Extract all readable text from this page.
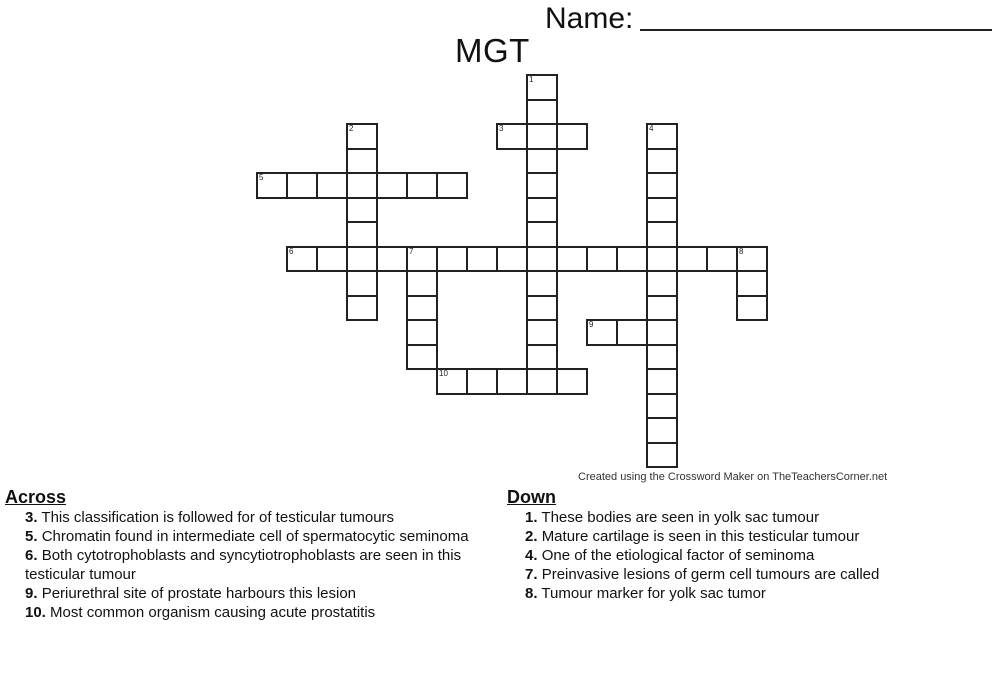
Name:
MGT
1
2	3	4
5
6	7	8
9
10
Created using the Crossword Maker on TheTeachersCorner.net
Across
3. This classification is followed for of testicular tumours
5. Chromatin found in intermediate cell of spermatocytic seminoma
6. Both cytotrophoblasts and syncytiotrophoblasts are seen in this testicular tumour
9. Periurethral site of prostate harbours this lesion
10. Most common organism causing acute prostatitis
Down
1. These bodies are seen in yolk sac tumour
2. Mature cartilage is seen in this testicular tumour
4. One of the etiological factor of seminoma
7. Preinvasive lesions of germ cell tumours are called
8. Tumour marker for yolk sac tumor
